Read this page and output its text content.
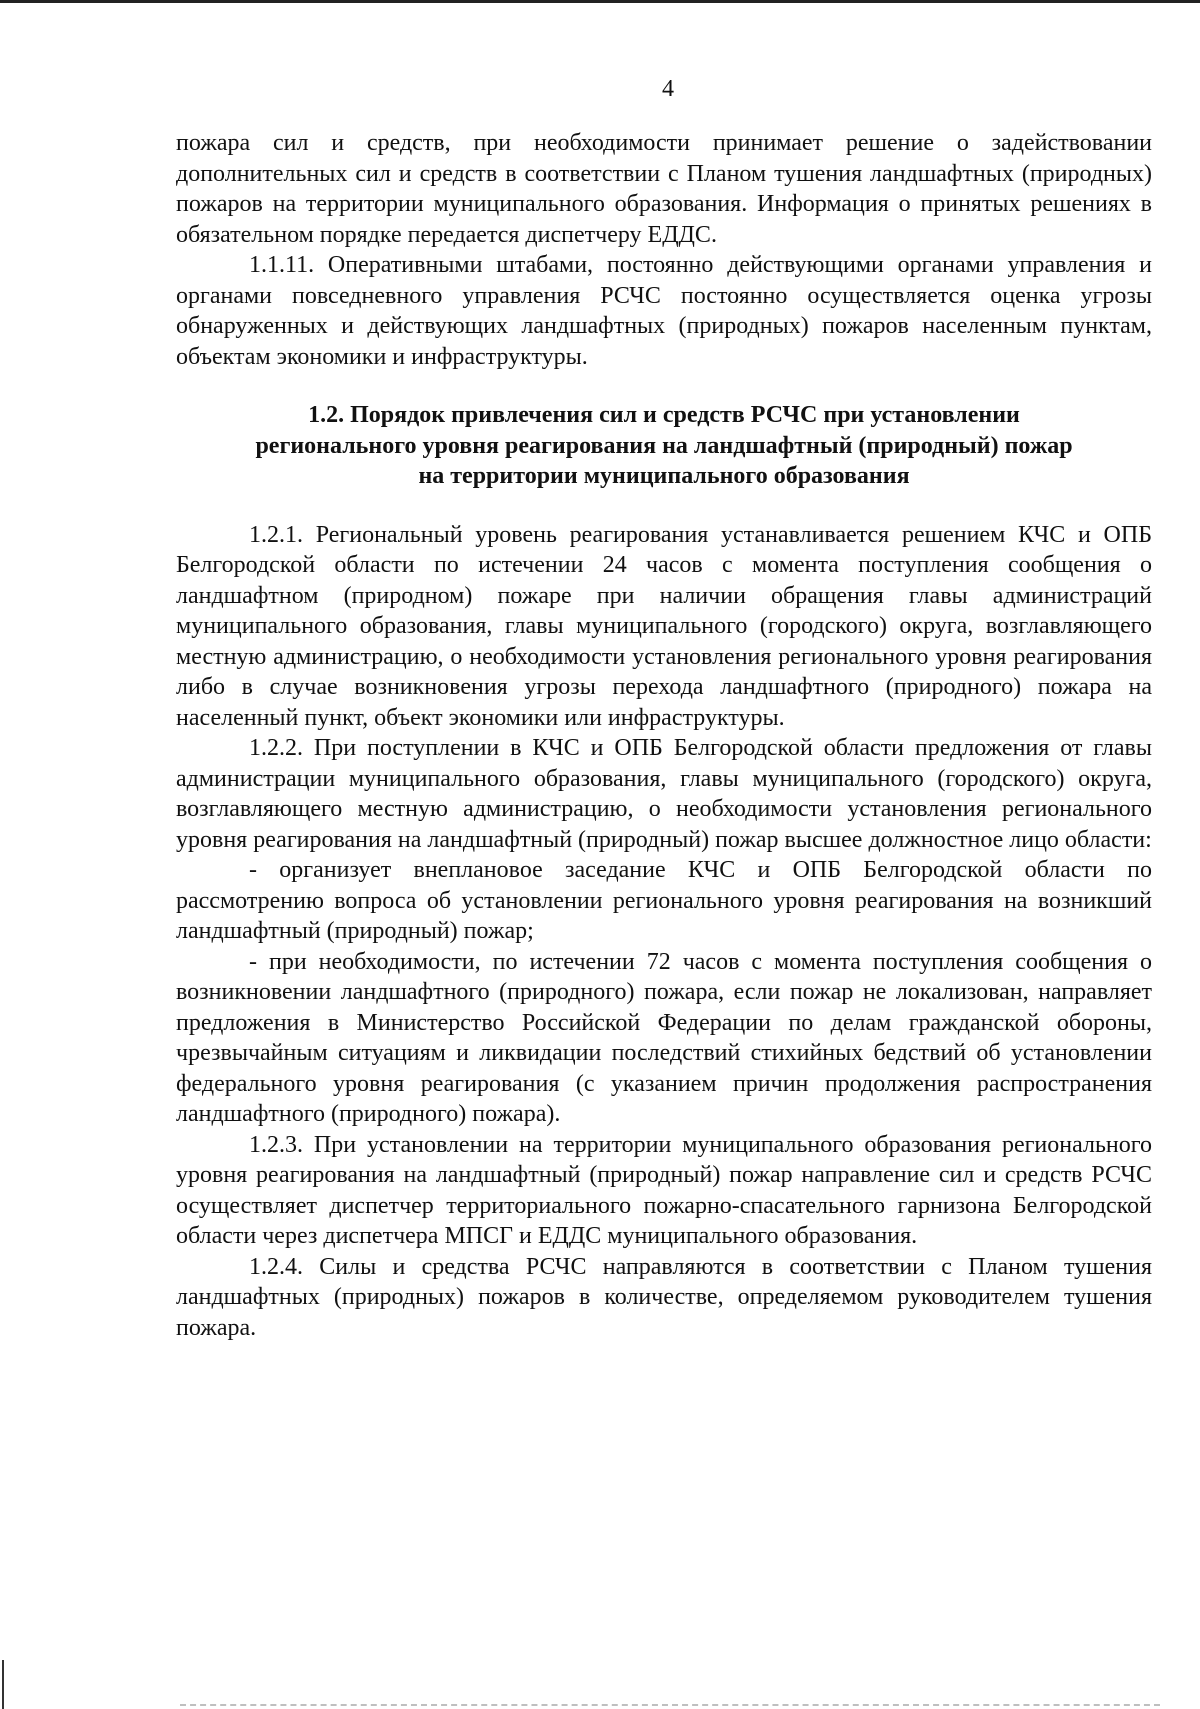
4

пожара сил и средств, при необходимости принимает решение о задействовании дополнительных сил и средств в соответствии с Планом тушения ландшафтных (природных) пожаров на территории муниципального образования. Информация о принятых решениях в обязательном порядке передается диспетчеру ЕДДС.

1.1.11. Оперативными штабами, постоянно действующими органами управления и органами повседневного управления РСЧС постоянно осуществляется оценка угрозы обнаруженных и действующих ландшафтных (природных) пожаров населенным пунктам, объектам экономики и инфраструктуры.

1.2. Порядок привлечения сил и средств РСЧС при установлении
регионального уровня реагирования на ландшафтный (природный) пожар
на территории муниципального образования

1.2.1. Региональный уровень реагирования устанавливается решением КЧС и ОПБ Белгородской области по истечении 24 часов с момента поступления сообщения о ландшафтном (природном) пожаре при наличии обращения главы администраций муниципального образования, главы муниципального (городского) округа, возглавляющего местную администрацию, о необходимости установления регионального уровня реагирования либо в случае возникновения угрозы перехода ландшафтного (природного) пожара на населенный пункт, объект экономики или инфраструктуры.

1.2.2. При поступлении в КЧС и ОПБ Белгородской области предложения от главы администрации муниципального образования, главы муниципального (городского) округа, возглавляющего местную администрацию, о необходимости установления регионального уровня реагирования на ландшафтный (природный) пожар высшее должностное лицо области:

- организует внеплановое заседание КЧС и ОПБ Белгородской области по рассмотрению вопроса об установлении регионального уровня реагирования на возникший ландшафтный (природный) пожар;

- при необходимости, по истечении 72 часов с момента поступления сообщения о возникновении ландшафтного (природного) пожара, если пожар не локализован, направляет предложения в Министерство Российской Федерации по делам гражданской обороны, чрезвычайным ситуациям и ликвидации последствий стихийных бедствий об установлении федерального уровня реагирования (с указанием причин продолжения распространения ландшафтного (природного) пожара).

1.2.3. При установлении на территории муниципального образования регионального уровня реагирования на ландшафтный (природный) пожар направление сил и средств РСЧС осуществляет диспетчер территориального пожарно-спасательного гарнизона Белгородской области через диспетчера МПСГ и ЕДДС муниципального образования.

1.2.4. Силы и средства РСЧС направляются в соответствии с Планом тушения ландшафтных (природных) пожаров в количестве, определяемом руководителем тушения пожара.
